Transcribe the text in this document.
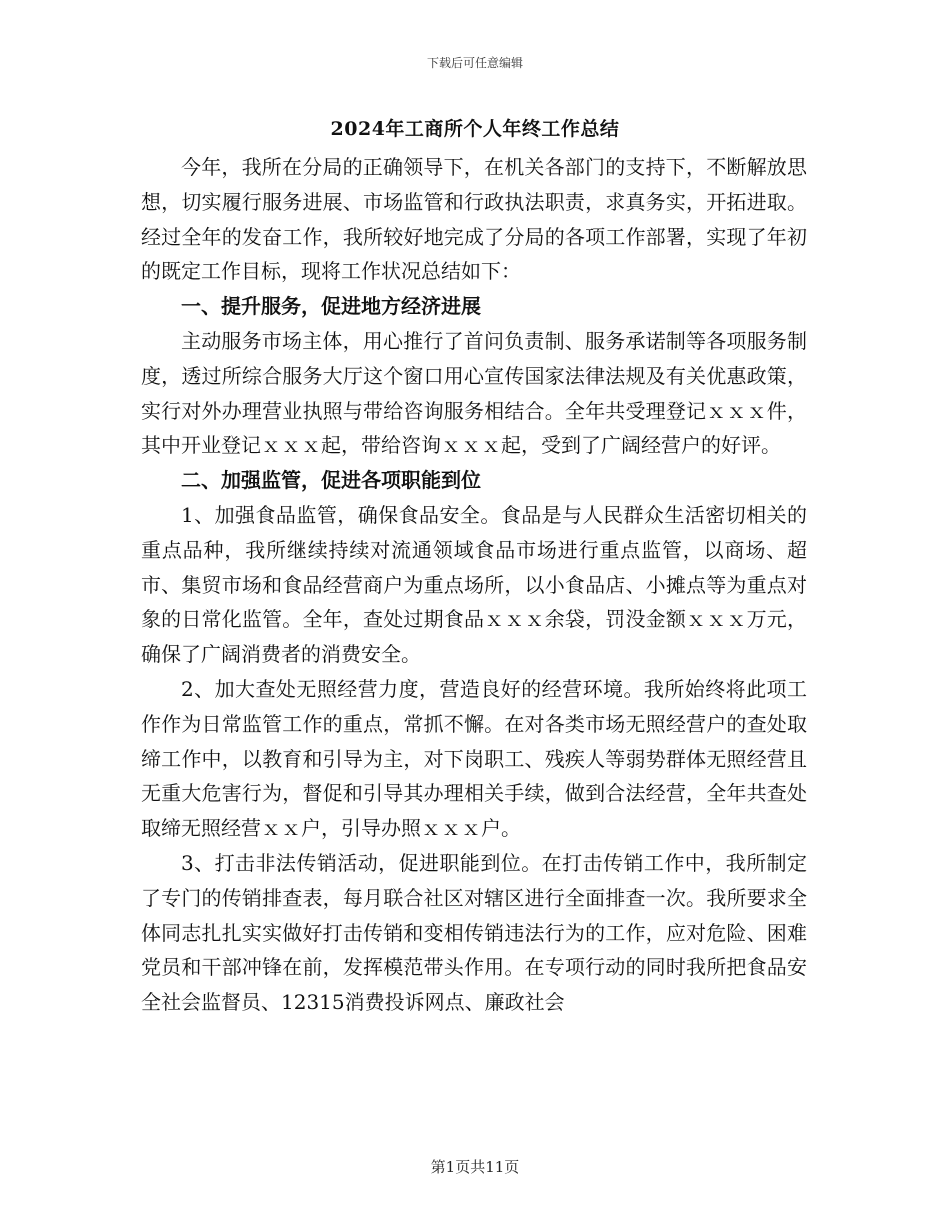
下载后可任意编辑
2024年工商所个人年终工作总结

今年，我所在分局的正确领导下，在机关各部门的支持下，不断解放思想，切实履行服务进展、市场监管和行政执法职责，求真务实，开拓进取。经过全年的发奋工作，我所较好地完成了分局的各项工作部署，实现了年初的既定工作目标，现将工作状况总结如下：

一、提升服务，促进地方经济进展

主动服务市场主体，用心推行了首问负责制、服务承诺制等各项服务制度，透过所综合服务大厅这个窗口用心宣传国家法律法规及有关优惠政策，实行对外办理营业执照与带给咨询服务相结合。全年共受理登记ｘｘｘ件，其中开业登记ｘｘｘ起，带给咨询ｘｘｘ起，受到了广阔经营户的好评。

二、加强监管，促进各项职能到位

1、加强食品监管，确保食品安全。食品是与人民群众生活密切相关的重点品种，我所继续持续对流通领域食品市场进行重点监管，以商场、超市、集贸市场和食品经营商户为重点场所，以小食品店、小摊点等为重点对象的日常化监管。全年，查处过期食品ｘｘｘ余袋，罚没金额ｘｘｘ万元，确保了广阔消费者的消费安全。

2、加大查处无照经营力度，营造良好的经营环境。我所始终将此项工作作为日常监管工作的重点，常抓不懈。在对各类市场无照经营户的查处取缔工作中，以教育和引导为主，对下岗职工、残疾人等弱势群体无照经营且无重大危害行为，督促和引导其办理相关手续，做到合法经营，全年共查处取缔无照经营ｘｘ户，引导办照ｘｘｘ户。

3、打击非法传销活动，促进职能到位。在打击传销工作中，我所制定了专门的传销排查表，每月联合社区对辖区进行全面排查一次。我所要求全体同志扎扎实实做好打击传销和变相传销违法行为的工作，应对危险、困难党员和干部冲锋在前，发挥模范带头作用。在专项行动的同时我所把食品安全社会监督员、12315消费投诉网点、廉政社会

第1页共11页
